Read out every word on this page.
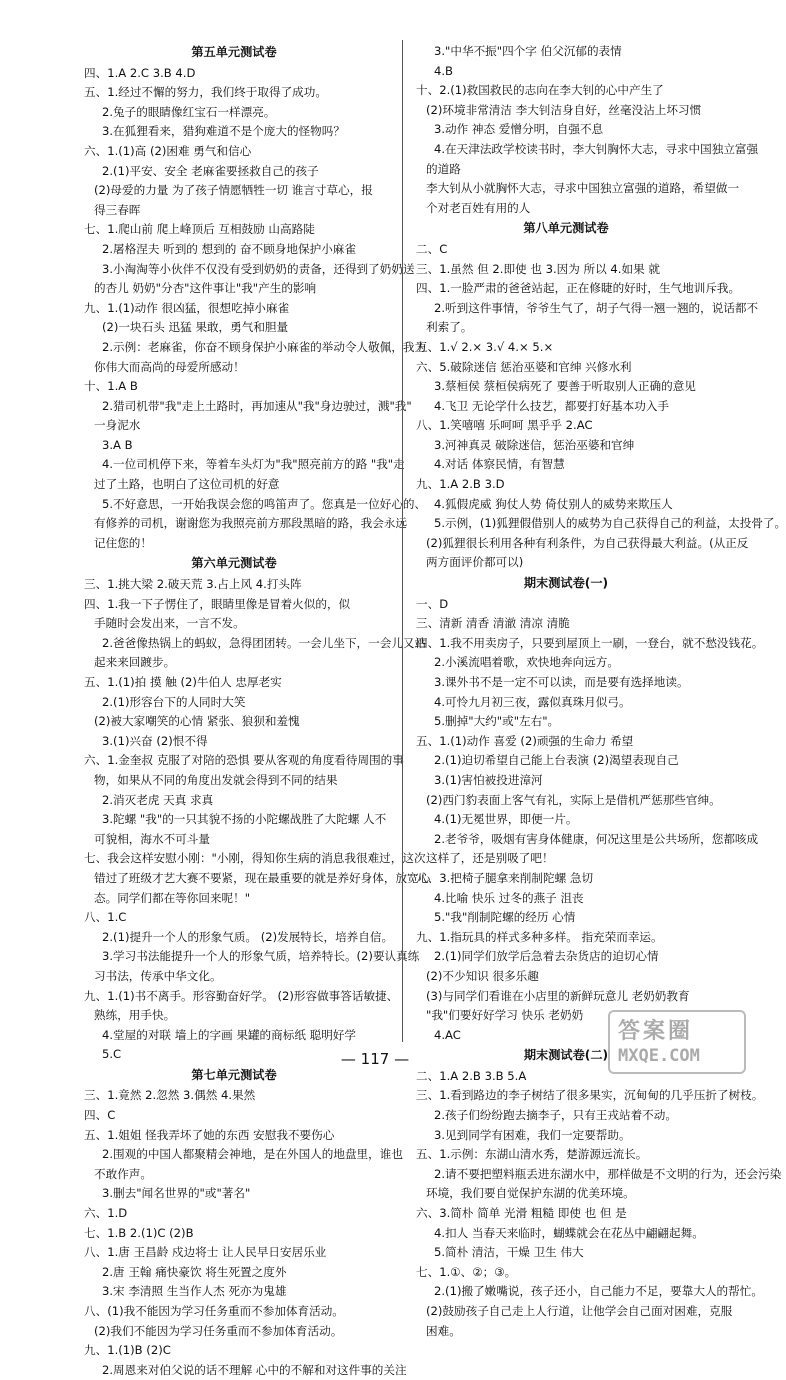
第五单元测试卷
四、1.A 2.C 3.B 4.D
五、1.经过不懈的努力，我们终于取得了成功。
2.兔子的眼睛像红宝石一样漂亮。
3.在狐狸看来，猎狗难道不是个庞大的怪物吗？
六、1.(1)高 (2)困难 勇气和信心
2.(1)平安、安全 老麻雀要拯救自己的孩子
(2)母爱的力量 为了孩子情愿牺牲一切 谁言寸草心，报
得三春晖
七、1.爬山前 爬上峰顶后 互相鼓励 山高路陡
2.屠格涅夫 听到的 想到的 奋不顾身地保护小麻雀
3.小淘淘等小伙伴不仅没有受到奶奶的责备，还得到了奶奶送
的杏儿 奶奶"分杏"这件事让"我"产生的影响
九、1.(1)动作 很凶猛，很想吃掉小麻雀
(2)一块石头 迅猛 果敢，勇气和胆量
2.示例：老麻雀，你奋不顾身保护小麻雀的举动令人敬佩，我为
你伟大而高尚的母爱所感动！
十、1.A B
2.猎司机带"我"走上土路时，再加速从"我"身边驶过，溅"我"
一身泥水
3.A B
4.一位司机停下来，等着车头灯为"我"照亮前方的路 "我"走
过了土路，也明白了这位司机的好意
5.不好意思，一开始我误会您的鸣笛声了。您真是一位好心的、
有修养的司机，谢谢您为我照亮前方那段黑暗的路，我会永远
记住您的！
第六单元测试卷
三、1.挑大梁 2.破天荒 3.占上风 4.打头阵
四、1.我一下子愣住了，眼睛里像是冒着火似的，似
手随时会发出来，一言不发。
2.爸爸像热锅上的蚂蚁，急得团团转。一会儿坐下，一会儿又站
起来来回踱步。
五、1.(1)拍 摸 触 (2)牛伯人 忠厚老实
2.(1)形容台下的人同时大笑
(2)被大家嘲笑的心情 紧张、狼狈和羞愧
3.(1)兴奋 (2)恨不得
六、1.金奎叔 克服了对陪的恐惧 要从客观的角度看待周围的事
物，如果从不同的角度出发就会得到不同的结果
2.消灭老虎 天真 求真
3.陀螺 "我"的一只其貌不扬的小陀螺战胜了大陀螺 人不
可貌相，海水不可斗量
七、我会这样安慰小刚："小刚，得知你生病的消息我很难过，这次
错过了班级才艺大赛不要紧，现在最重要的就是养好身体，放宽心
态。同学们都在等你回来呢！"
八、1.C
2.(1)提升一个人的形象气质。 (2)发展特长，培养自信。
3.学习书法能提升一个人的形象气质，培养特长。(2)要认真练
习书法，传承中华文化。
九、1.(1)书不离手。形容勤奋好学。 (2)形容做事答话敏捷、
熟练，用手快。
4.堂屋的对联 墙上的字画 果罐的商标纸 聪明好学
5.C
第七单元测试卷
三、1.竟然 2.忽然 3.偶然 4.果然
四、C
五、1.姐姐 怪我弄坏了她的东西 安慰我不要伤心
2.围观的中国人都聚精会神地，是在外国人的地盘里，谁也
不敢作声。
3.删去"闻名世界的"或"著名"
六、1.D
七、1.B 2.(1)C (2)B
八、1.唐 王昌龄 戍边将士 让人民早日安居乐业
2.唐 王翰 痛快豪饮 将生死置之度外
3.宋 李清照 生当作人杰 死亦为鬼雄
八、(1)我不能因为学习任务重而不参加体育活动。
(2)我们不能因为学习任务重而不参加体育活动。
九、1.(1)B (2)C
2.周恩来对伯父说的话不理解 心中的不解和对这件事的关注
3."中华不振"四个字 伯父沉郁的表情
4.B
十、2.(1)救国救民的志向在李大钊的心中产生了
(2)环境非常清洁 李大钊洁身自好，丝毫没沾上坏习惯
3.动作 神态 爱憎分明，自强不息
4.在天津法政学校读书时，李大钊胸怀大志，寻求中国独立富强
的道路
李大钊从小就胸怀大志，寻求中国独立富强的道路，希望做一
个对老百姓有用的人
第八单元测试卷
二、C
三、1.虽然 但 2.即使 也 3.因为 所以 4.如果 就
四、1.一脸严肃的爸爸站起，正在修睫的好时，生气地训斥我。
2.听到这件事情，爷爷生气了，胡子气得一翘一翘的，说话都不
利索了。
五、1.√ 2.× 3.√ 4.× 5.×
六、5.破除迷信 惩治巫婆和官绅 兴修水利
3.蔡桓侯 蔡桓侯病死了 要善于听取别人正确的意见
4.飞卫 无论学什么技艺，都要打好基本功入手
八、1.笑嘻嘻 乐呵呵 黑乎乎 2.AC
3.河神真灵 破除迷信，惩治巫婆和官绅
4.对话 体察民情，有智慧
九、1.A 2.B 3.D
4.狐假虎威 狗仗人势 倚仗别人的威势来欺压人
5.示例，(1)狐狸假借别人的威势为自己获得自己的利益，太投骨了。
(2)狐狸很长利用各种有利条件，为自己获得最大利益。(从正反
两方面评价都可以)
期末测试卷(一)
一、D
三、清新 清香 清澈 清凉 清脆
四、1.我不用卖房子，只要到屋顶上一刷，一登台，就不愁没钱花。
2.小溪流唱着歌，欢快地奔向远方。
3.课外书不是一定不可以读，而是要有选择地读。
4.可怜九月初三夜，露似真珠月似弓。
5.删掉"大约"或"左右"。
五、1.(1)动作 喜爱 (2)顽强的生命力 希望
2.(1)迫切希望自己能上台表演 (2)渴望表现自己
3.(1)害怕被投进漳河
(2)西门豹表面上客气有礼，实际上是借机严惩那些官绅。
4.(1)无冕世界，即便一片。
2.老爷爷，吸烟有害身体健康，何况这里是公共场所，您都咳成
这样了，还是别吸了吧！
八、3.把椅子腿拿来削制陀螺 急切
4.比喻 快乐 过冬的燕子 沮丧
5."我"削制陀螺的经历 心情
九、1.指玩具的样式多种多样。 指充荣而幸运。
2.(1)同学们放学后急着去杂货店的迫切心情
(2)不少知识 很多乐趣
(3)与同学们看谁在小店里的新鲜玩意儿 老奶奶教育
"我"们要好好学习 快乐 老奶奶
4.AC
期末测试卷(二)
二、1.A 2.B 3.B 5.A
三、1.看到路边的李子树结了很多果实，沉甸甸的几乎压折了树枝。
2.孩子们纷纷跑去摘李子，只有王戎站着不动。
3.见到同学有困难，我们一定要帮助。
五、1.示例：东湖山清水秀，楚游源远流长。
2.请不要把塑料瓶丢进东湖水中，那样做是不文明的行为，还会污染
环境，我们要自觉保护东湖的优美环境。
六、3.简朴 简单 光滑 粗糙 即使 也 但 是
4.扣人 当春天来临时，蝴蝶就会在花丛中翩翩起舞。
5.简朴 清洁，干燥 卫生 伟大
七、1.①、②；③。
2.(1)搬了嫩嘴说，孩子还小，自己能力不足，要靠大人的帮忙。
(2)鼓励孩子自己走上人行道，让他学会自己面对困难，克服
困难。
— 117 —
答案圈
MXQE.COM
